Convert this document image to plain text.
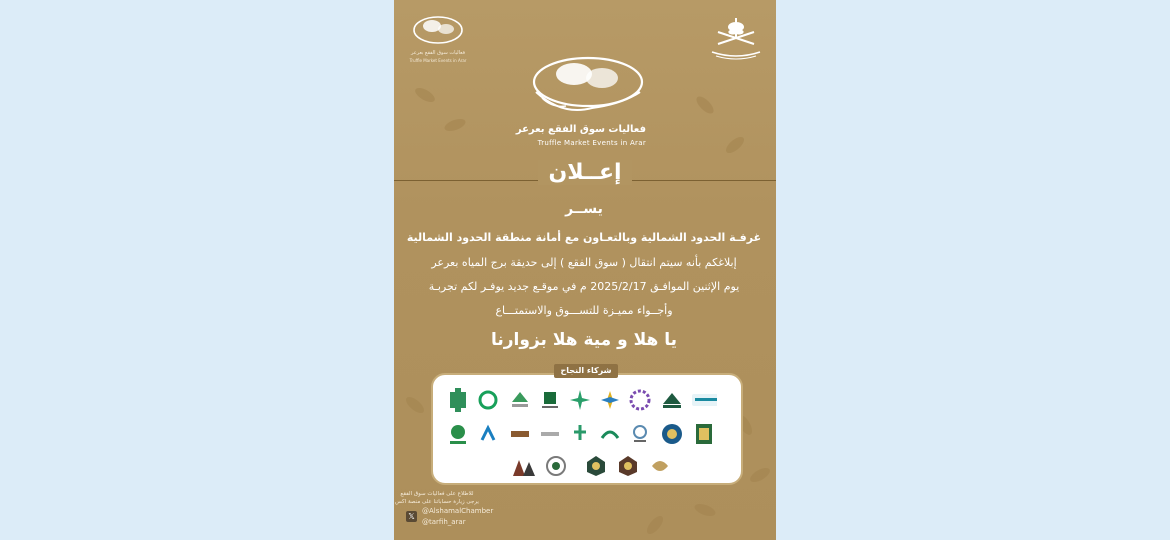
فعاليات سوق الفقع بعرعر
Truffle Market Events in Arar
فعاليات سوق الفقع بعرعر
Truffle Market Events in Arar
إعــلان
يســر
غرفـة الحدود الشمالية وبالتعـاون مع أمانة منطقة الحدود الشمالية
إبلاغكم بأنه سيتم انتقال ( سوق الفقع ) إلى حديقة برج المياه بعرعر
يوم الإثنين الموافـق 2025/2/17 م في موقـع جديد يوفـر لكم تجربـة
وأجــواء مميـزة للتســـوق والاستمتـــاع
يا هلا و مية هلا بزوارنا
شركاء النجاح
للاطلاع على فعاليات سوق الفقع يرجى زيارة حساباتنا على منصة اكس
𝕏
@AlshamalChamber
@tarfih_arar
